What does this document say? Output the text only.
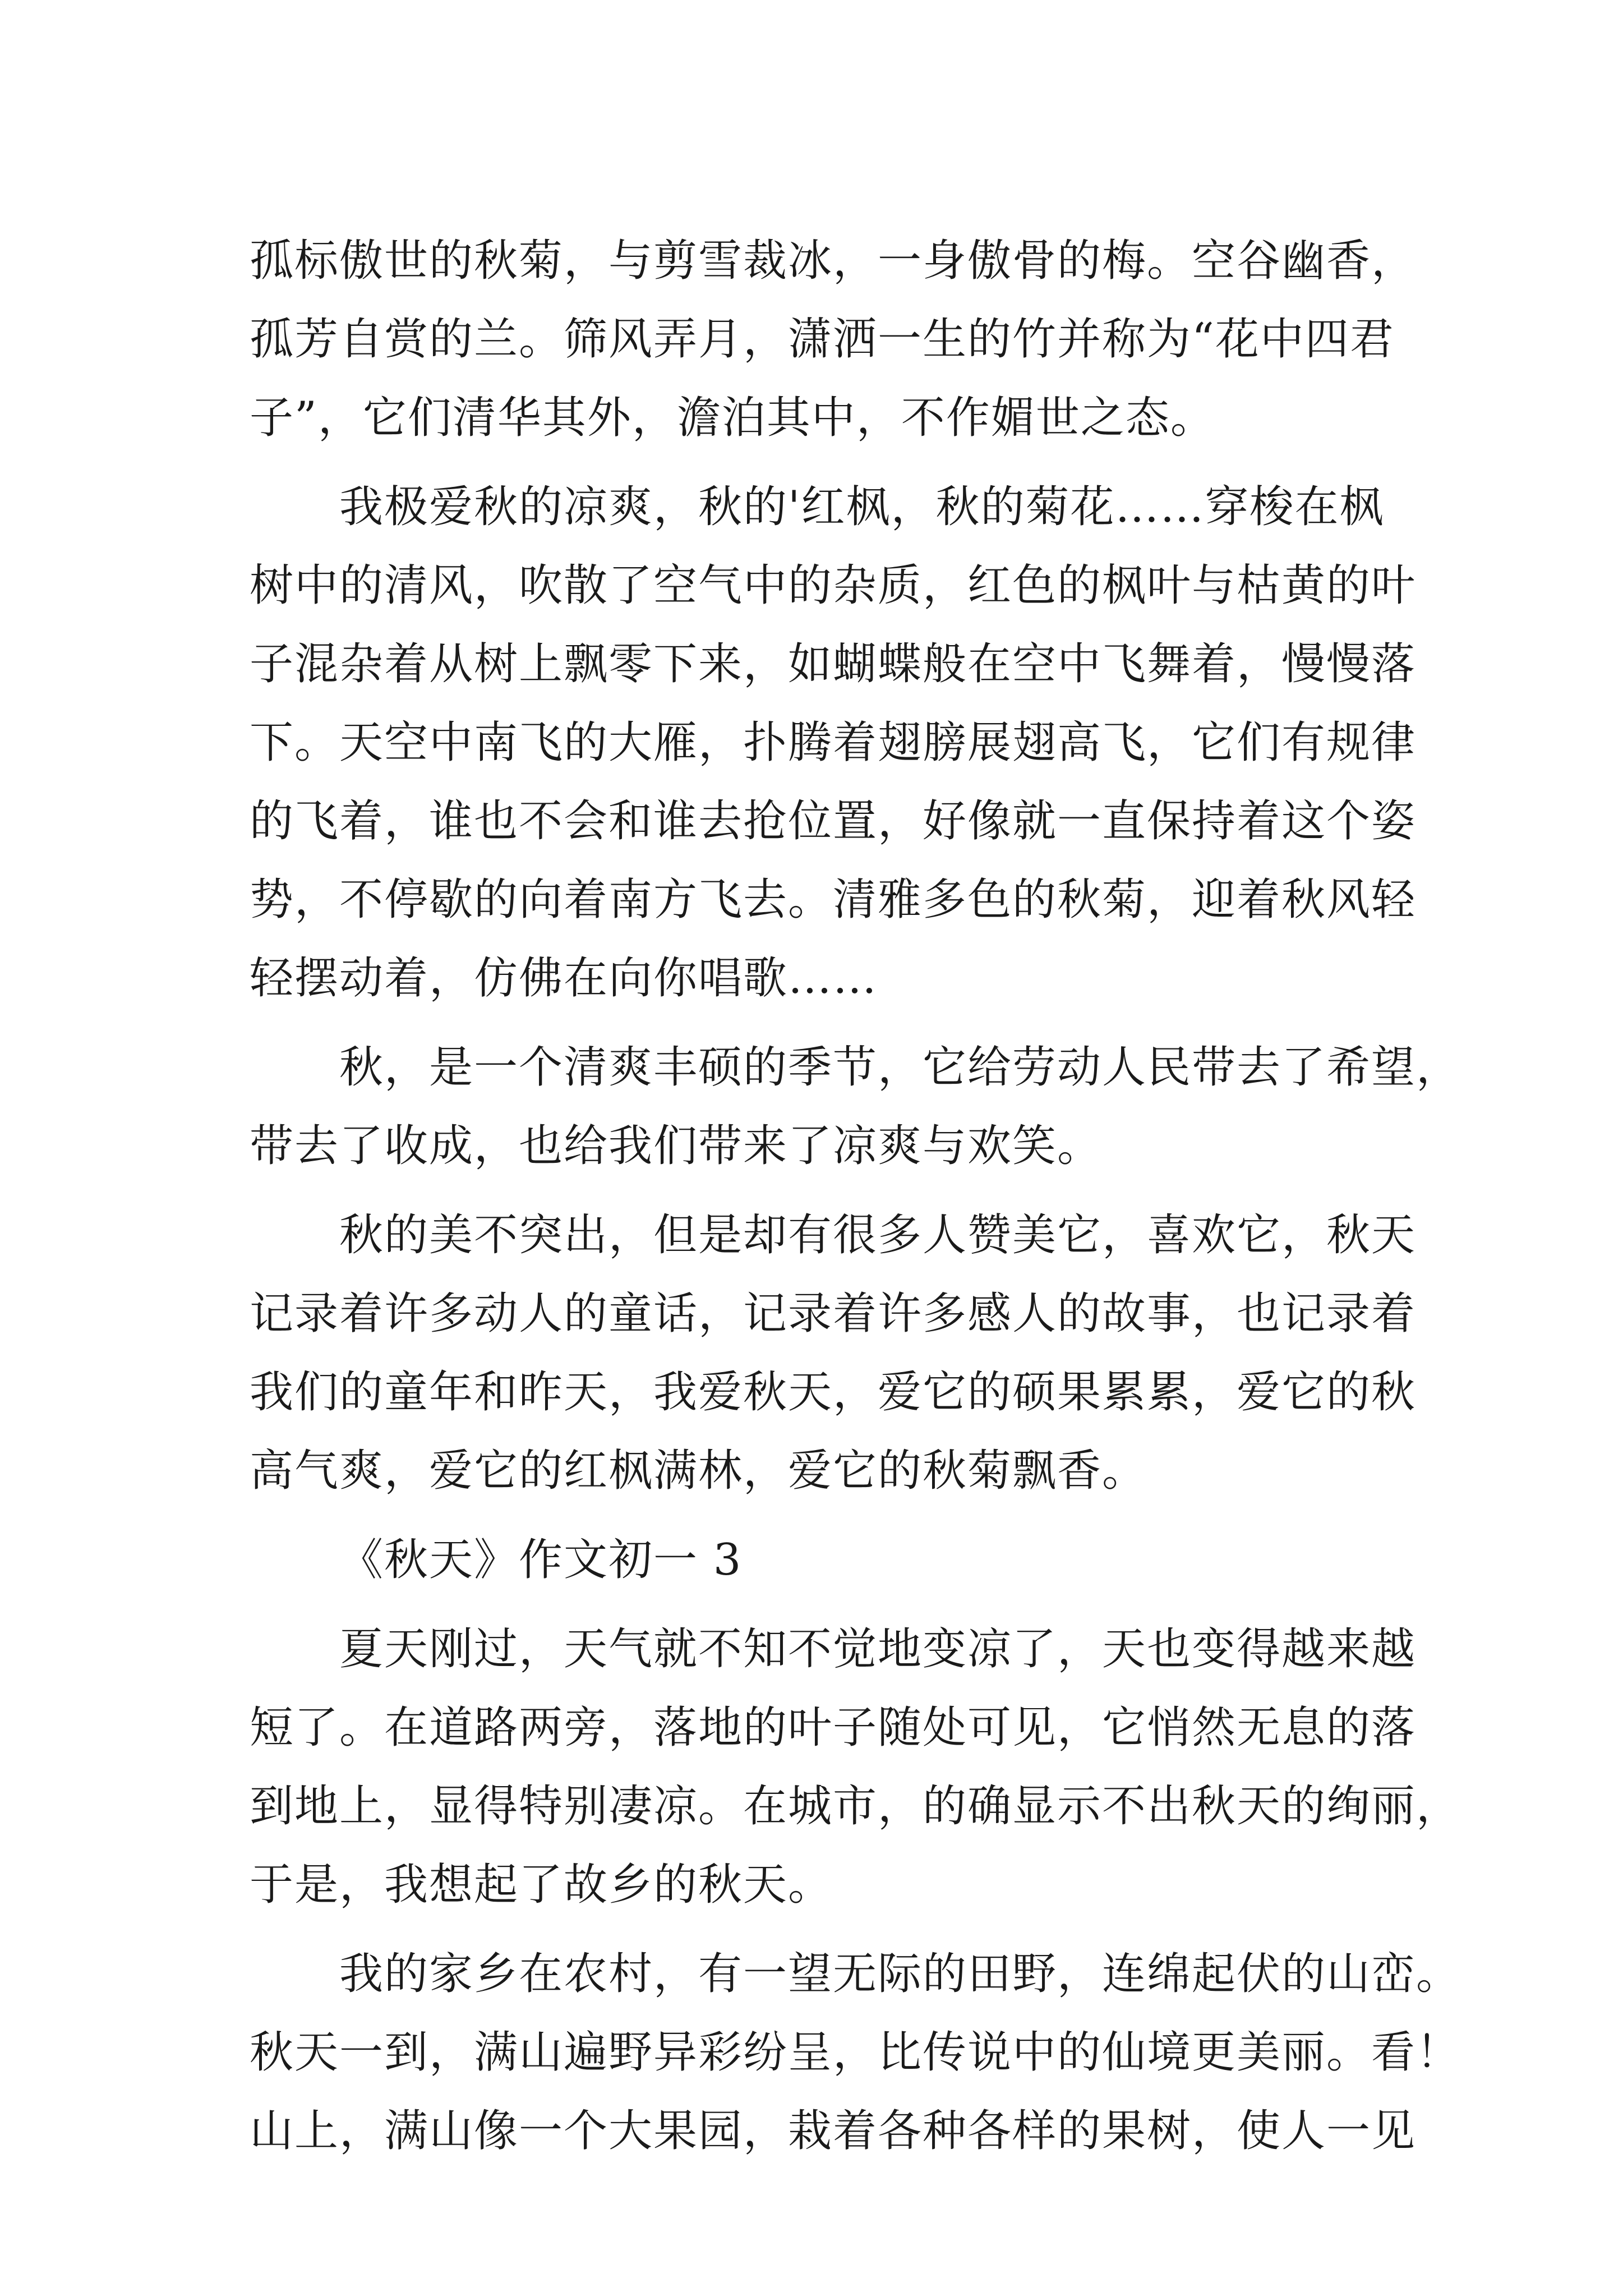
孤标傲世的秋菊，与剪雪裁冰，一身傲骨的梅。空谷幽香，
孤芳自赏的兰。筛风弄月，潇洒一生的竹并称为“花中四君
子”，它们清华其外，澹泊其中，不作媚世之态。
我极爱秋的凉爽，秋的'红枫，秋的菊花……穿梭在枫
树中的清风，吹散了空气中的杂质，红色的枫叶与枯黄的叶
子混杂着从树上飘零下来，如蝴蝶般在空中飞舞着，慢慢落
下。天空中南飞的大雁，扑腾着翅膀展翅高飞，它们有规律
的飞着，谁也不会和谁去抢位置，好像就一直保持着这个姿
势，不停歇的向着南方飞去。清雅多色的秋菊，迎着秋风轻
轻摆动着，仿佛在向你唱歌……
秋，是一个清爽丰硕的季节，它给劳动人民带去了希望，
带去了收成，也给我们带来了凉爽与欢笑。
秋的美不突出，但是却有很多人赞美它，喜欢它，秋天
记录着许多动人的童话，记录着许多感人的故事，也记录着
我们的童年和昨天，我爱秋天，爱它的硕果累累，爱它的秋
高气爽，爱它的红枫满林，爱它的秋菊飘香。
《秋天》作文初一 3
夏天刚过，天气就不知不觉地变凉了，天也变得越来越
短了。在道路两旁，落地的叶子随处可见，它悄然无息的落
到地上，显得特别凄凉。在城市，的确显示不出秋天的绚丽，
于是，我想起了故乡的秋天。
我的家乡在农村，有一望无际的田野，连绵起伏的山峦。
秋天一到，满山遍野异彩纷呈，比传说中的仙境更美丽。看！
山上，满山像一个大果园，栽着各种各样的果树，使人一见
